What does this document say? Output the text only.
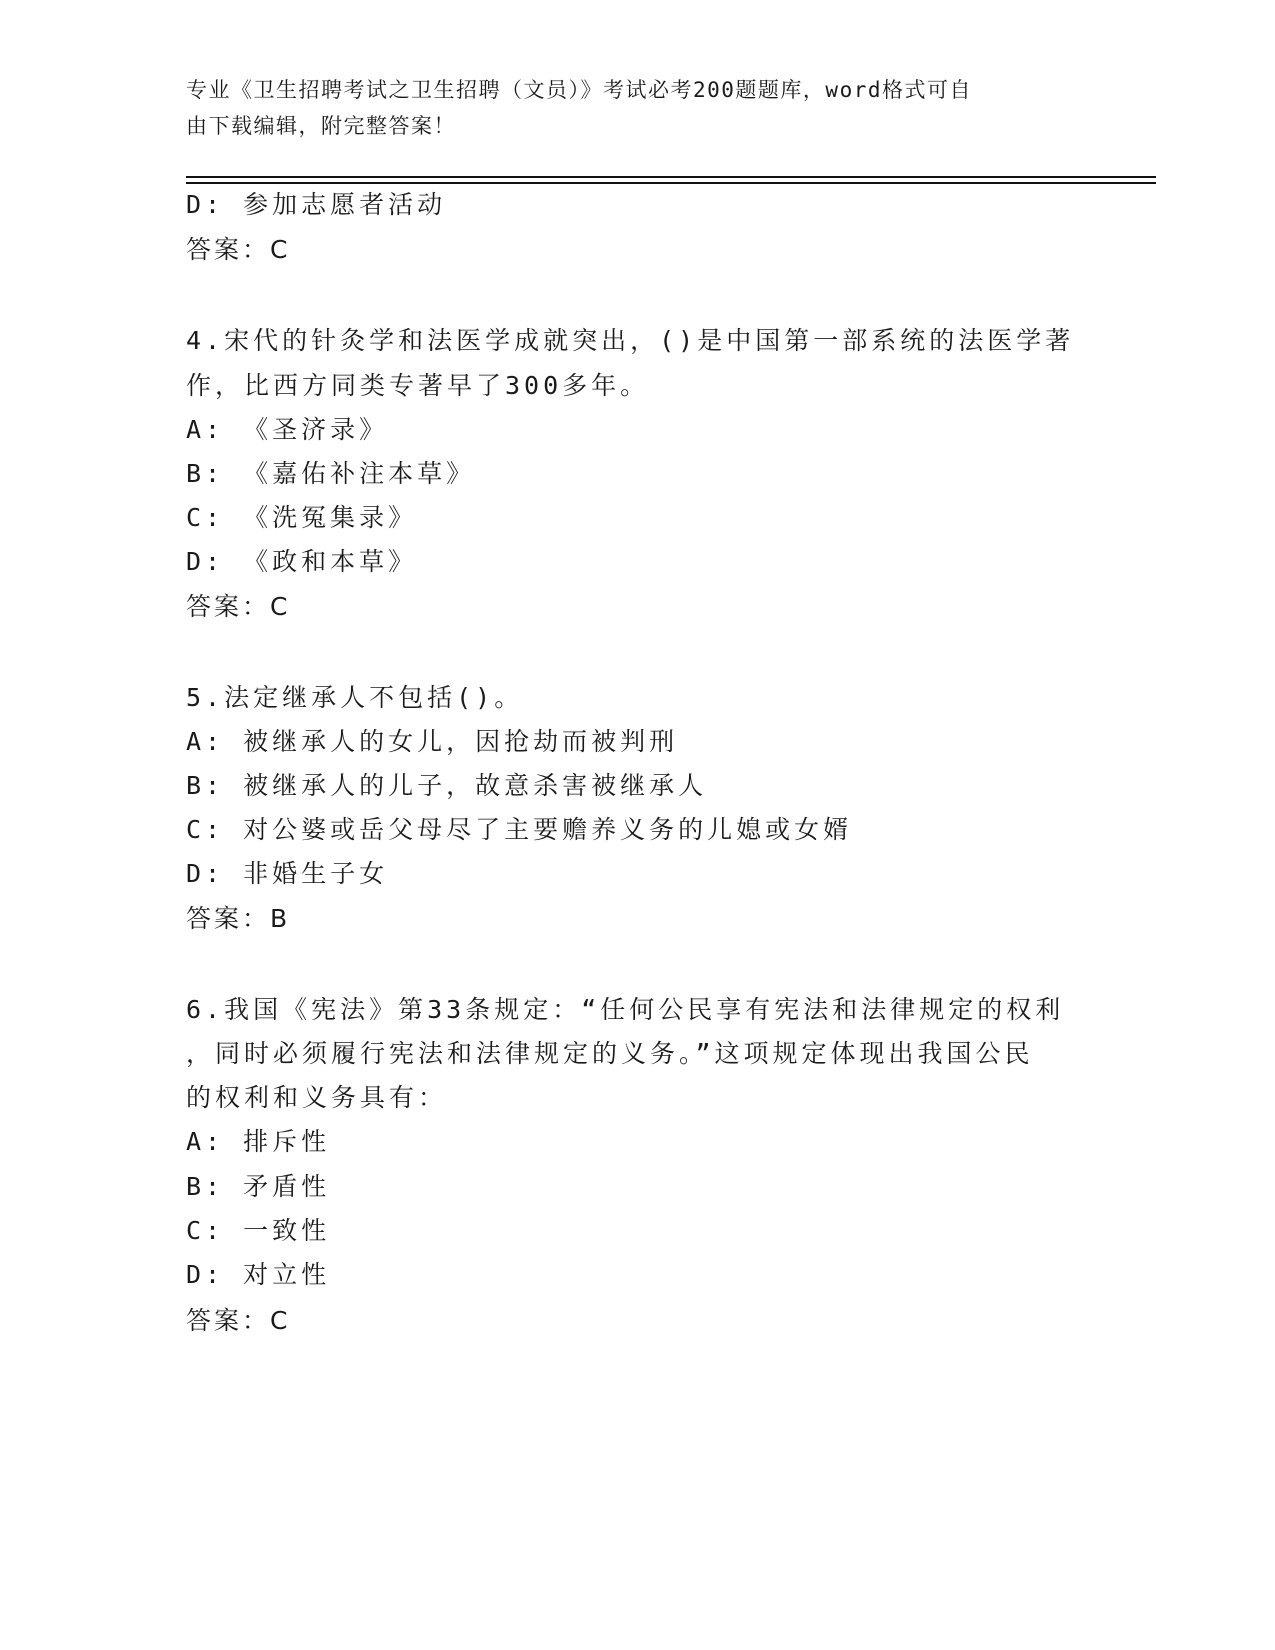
专业《卫生招聘考试之卫生招聘（文员）》考试必考200题题库，word格式可自
由下载编辑，附完整答案！
D: 参加志愿者活动
答案：C
4.宋代的针灸学和法医学成就突出，()是中国第一部系统的法医学著
作，比西方同类专著早了300多年。
A: 《圣济录》
B: 《嘉佑补注本草》
C: 《洗冤集录》
D: 《政和本草》
答案：C
5.法定继承人不包括()。
A: 被继承人的女儿，因抢劫而被判刑
B: 被继承人的儿子，故意杀害被继承人
C: 对公婆或岳父母尽了主要赡养义务的儿媳或女婿
D: 非婚生子女
答案：B
6.我国《宪法》第33条规定：“任何公民享有宪法和法律规定的权利
，同时必须履行宪法和法律规定的义务。”这项规定体现出我国公民
的权利和义务具有：
A: 排斥性
B: 矛盾性
C: 一致性
D: 对立性
答案：C
